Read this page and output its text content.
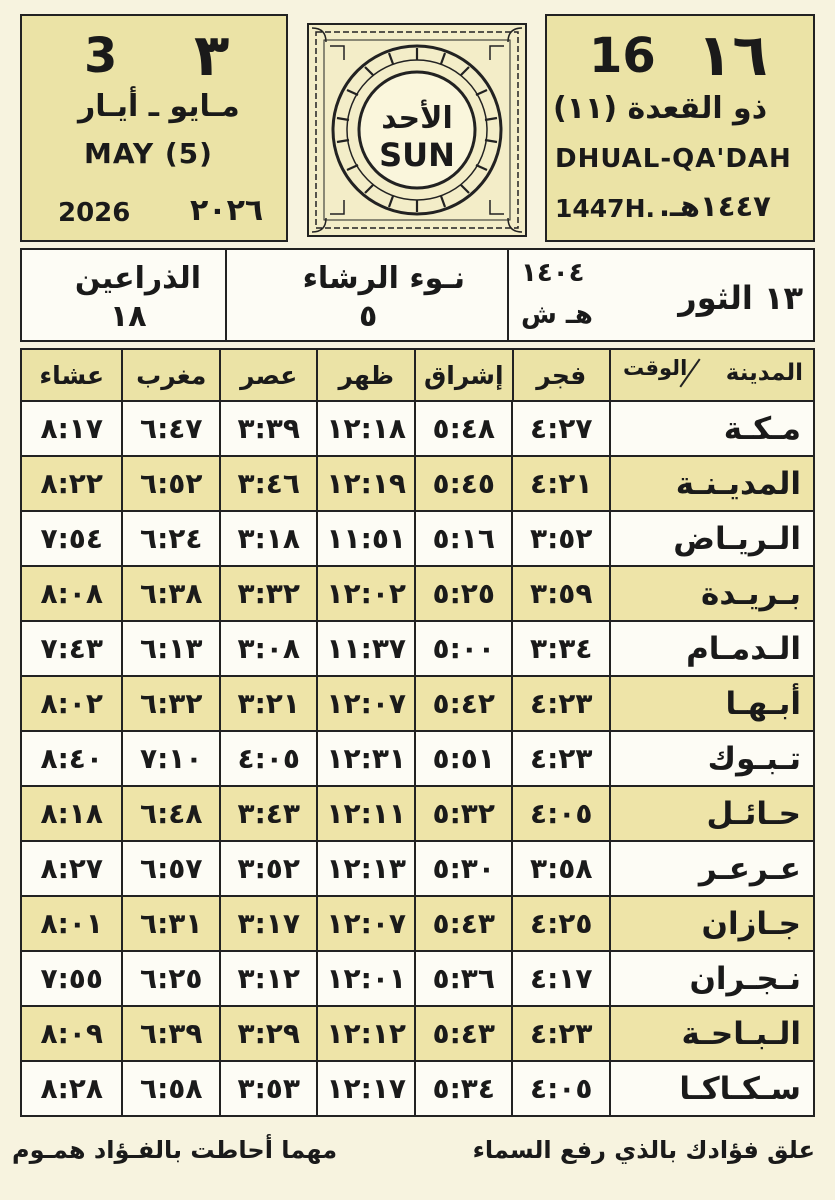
3 ٣
مـايو ـ أيـار
MAY (5)
2026 ٢٠٢٦
الأحد
SUN
16 ١٦
ذو القعدة (١١)
DHUAL-QA'DAH
1447H. ١٤٤٧هـ.
الذراعين
١٨
نـوء الرشاء
٥
١٤٠٤
هـ ش	١٣ الثور
المدينة
الوقت
فجر
إشراق
ظهر
عصر
مغرب
عشاء
مـكـة
٤:٢٧
٥:٤٨
١٢:١٨
٣:٣٩
٦:٤٧
٨:١٧
المديـنـة
٤:٢١
٥:٤٥
١٢:١٩
٣:٤٦
٦:٥٢
٨:٢٢
الـريـاض
٣:٥٢
٥:١٦
١١:٥١
٣:١٨
٦:٢٤
٧:٥٤
بـريـدة
٣:٥٩
٥:٢٥
١٢:٠٢
٣:٣٢
٦:٣٨
٨:٠٨
الـدمـام
٣:٣٤
٥:٠٠
١١:٣٧
٣:٠٨
٦:١٣
٧:٤٣
أبـهـا
٤:٢٣
٥:٤٢
١٢:٠٧
٣:٢١
٦:٣٢
٨:٠٢
تـبـوك
٤:٢٣
٥:٥١
١٢:٣١
٤:٠٥
٧:١٠
٨:٤٠
حـائـل
٤:٠٥
٥:٣٢
١٢:١١
٣:٤٣
٦:٤٨
٨:١٨
عـرعـر
٣:٥٨
٥:٣٠
١٢:١٣
٣:٥٢
٦:٥٧
٨:٢٧
جـازان
٤:٢٥
٥:٤٣
١٢:٠٧
٣:١٧
٦:٣١
٨:٠١
نـجـران
٤:١٧
٥:٣٦
١٢:٠١
٣:١٢
٦:٢٥
٧:٥٥
الـبـاحـة
٤:٢٣
٥:٤٣
١٢:١٢
٣:٢٩
٦:٣٩
٨:٠٩
سـكـاكـا
٤:٠٥
٥:٣٤
١٢:١٧
٣:٥٣
٦:٥٨
٨:٢٨
علق فؤادك بالذي رفع السماء
مهما أحاطت بالفـؤاد همـوم
